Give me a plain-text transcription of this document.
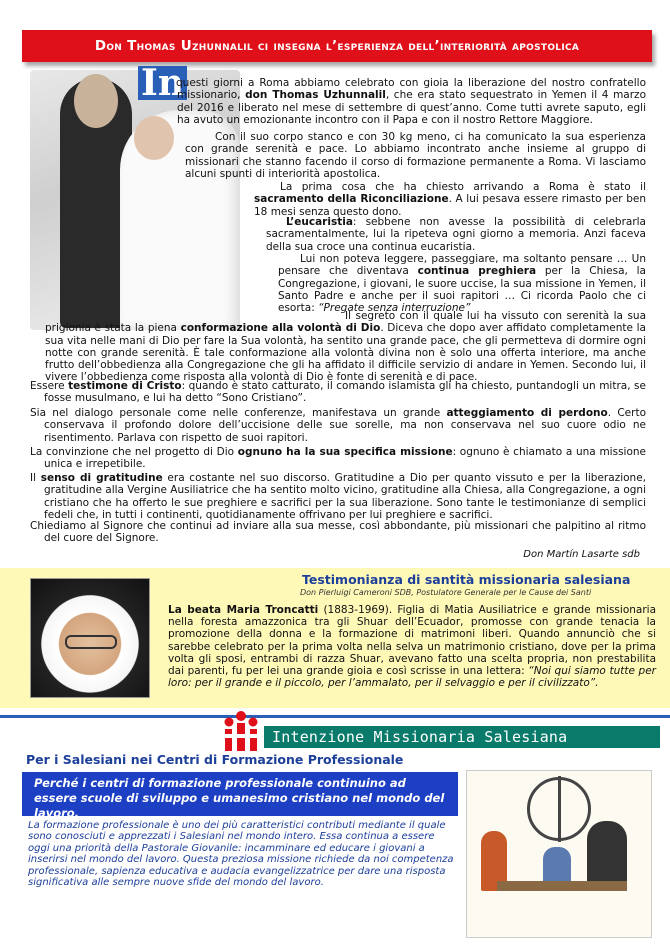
Don Thomas Uzhunnalil ci insegna l’esperienza dell’interiorità apostolica
In
questi giorni a Roma abbiamo celebrato con gioia la liberazione del nostro confratello missionario, don Thomas Uzhunnalil, che era stato sequestrato in Yemen il 4 marzo del 2016 e liberato nel mese di settembre di quest’anno. Come tutti avrete saputo, egli ha avuto un emozionante incontro con il Papa e con il nostro Rettore Maggiore.
Con il suo corpo stanco e con 30 kg meno, ci ha comunicato la sua esperienza con grande serenità e pace. Lo abbiamo incontrato anche insieme al gruppo di missionari che stanno facendo il corso di formazione permanente a Roma. Vi lasciamo alcuni spunti di interiorità apostolica.
La prima cosa che ha chiesto arrivando a Roma è stato il sacramento della Riconciliazione. A lui pesava essere rimasto per ben 18 mesi senza questo dono.
L’eucaristia: sebbene non avesse la possibilità di celebrarla sacramentalmente, lui la ripeteva ogni giorno a memoria. Anzi faceva della sua croce una continua eucaristia.
Lui non poteva leggere, passeggiare, ma soltanto pensare … Un pensare che diventava continua preghiera per la Chiesa, la Congregazione, i giovani, le suore uccise, la sua missione in Yemen, il Santo Padre e anche per il suoi rapitori … Ci ricorda Paolo che ci esorta: “Pregate senza interruzione”
Il segreto con il quale lui ha vissuto con serenità la sua prigionia è stata la piena conformazione alla volontà di Dio. Diceva che dopo aver affidato completamente la sua vita nelle mani di Dio per fare la Sua volontà, ha sentito una grande pace, che gli permetteva di dormire ogni notte con grande serenità. È tale conformazione alla volontà divina non è solo una offerta interiore, ma anche frutto dell’obbedienza alla Congregazione che gli ha affidato il difficile servizio di andare in Yemen. Secondo lui, il vivere l’obbedienza come risposta alla volontà di Dio è fonte di serenità e di pace.
Essere testimone di Cristo: quando è stato catturato, il comando islamista gli ha chiesto, puntandogli un mitra, se fosse musulmano, e lui ha detto “Sono Cristiano”.
Sia nel dialogo personale come nelle conferenze, manifestava un grande atteggiamento di perdono. Certo conservava il profondo dolore dell’uccisione delle sue sorelle, ma non conservava nel suo cuore odio ne risentimento. Parlava con rispetto de suoi rapitori.
La convinzione che nel progetto di Dio ognuno ha la sua specifica missione: ognuno è chiamato a una missione unica e irrepetibile.
Il senso di gratitudine era costante nel suo discorso. Gratitudine a Dio per quanto vissuto e per la liberazione, gratitudine alla Vergine Ausiliatrice che ha sentito molto vicino, gratitudine alla Chiesa, alla Congregazione, a ogni cristiano che ha offerto le sue preghiere e sacrifici per la sua liberazione. Sono tante le testimonianze di semplici fedeli che, in tutti i continenti, quotidianamente offrivano per lui preghiere e sacrifici.
Chiediamo al Signore che continui ad inviare alla sua messe, così abbondante, più missionari che palpitino al ritmo del cuore del Signore.
Don Martín Lasarte sdb
Testimonianza di santità missionaria salesiana
Don Pierluigi Cameroni SDB, Postulatore Generale per le Cause dei Santi
La beata Maria Troncatti (1883-1969). Figlia di Matia Ausiliatrice e grande missionaria nella foresta amazzonica tra gli Shuar dell’Ecuador, promosse con grande tenacia la promozione della donna e la formazione di matrimoni liberi. Quando annunciò che si sarebbe celebrato per la prima volta nella selva un matrimonio cristiano, dove per la prima volta gli sposi, entrambi di razza Shuar, avevano fatto una scelta propria, non prestabilita dai parenti, fu per lei una grande gioia e così scrisse in una lettera: “Noi qui siamo tutte per loro: per il grande e il piccolo, per l’ammalato, per il selvaggio e per il civilizzato”.
Intenzione Missionaria Salesiana
Per i Salesiani nei Centri di Formazione Professionale
Perché i centri di formazione professionale continuino ad essere scuole di sviluppo e umanesimo cristiano nel mondo del lavoro.
La formazione professionale è uno dei più caratteristici contributi mediante il quale sono conosciuti e apprezzati i Salesiani nel mondo intero. Essa continua a essere oggi una priorità della Pastorale Giovanile: incamminare ed educare i giovani a inserirsi nel mondo del lavoro. Questa preziosa missione richiede da noi competenza professionale, sapienza educativa e audacia evangelizzatrice per dare una risposta significativa alle sempre nuove sfide del mondo del lavoro.
